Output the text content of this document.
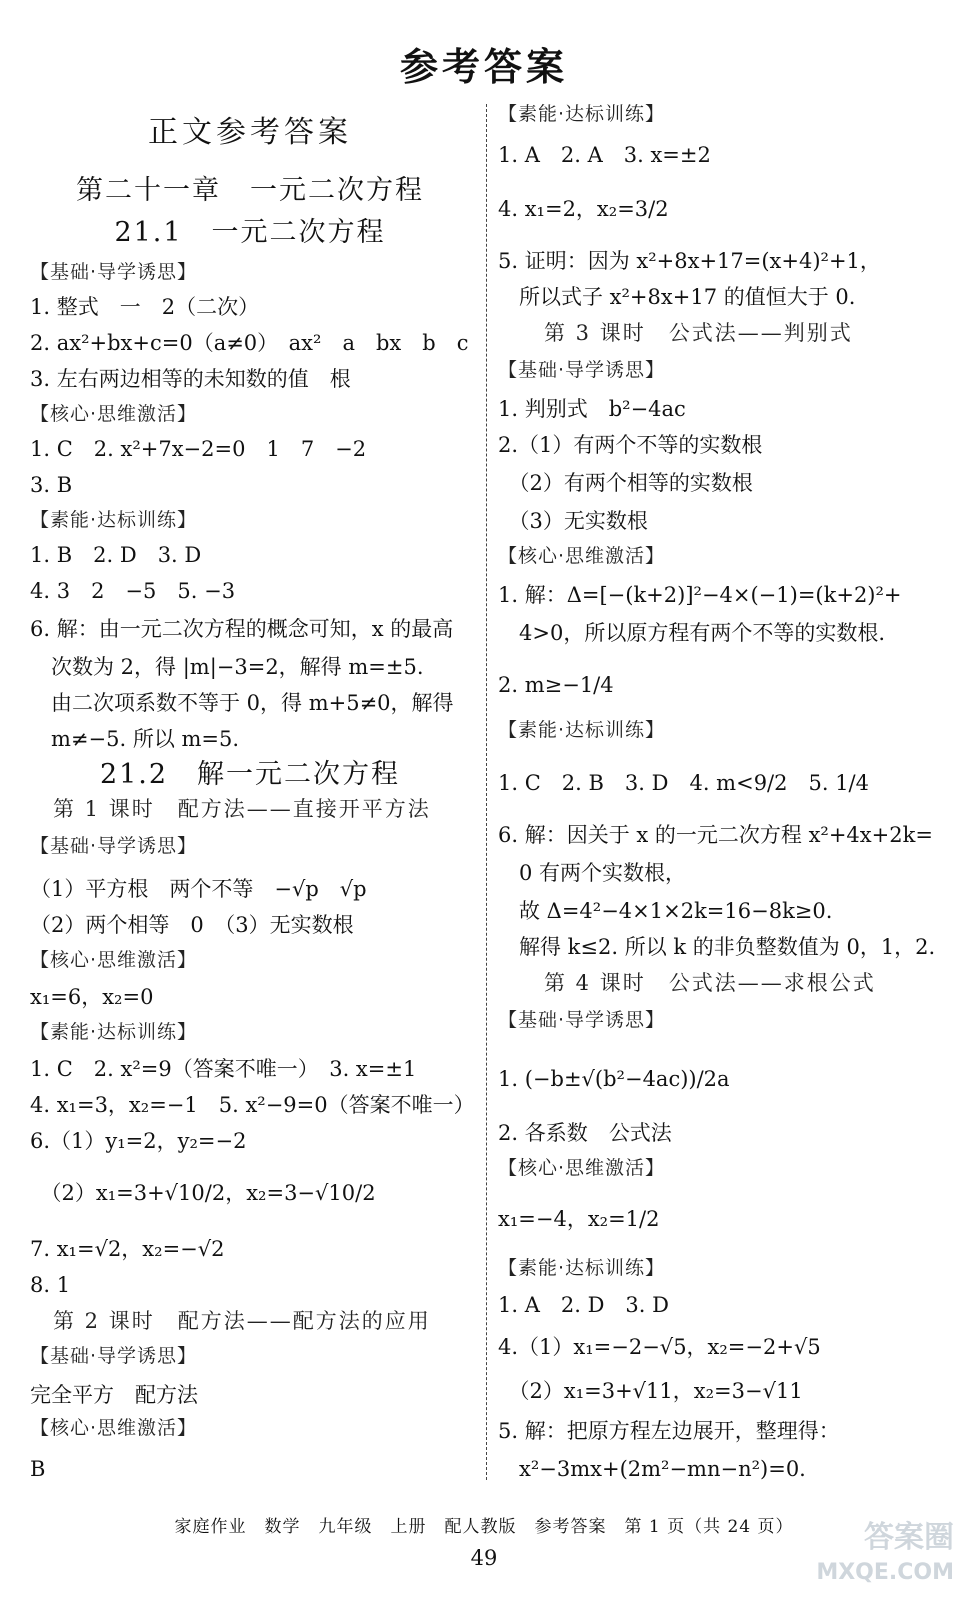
参考答案
正文参考答案
第二十一章　一元二次方程
21.1　一元二次方程
【基础·导学诱思】
1. 整式　一　2（二次）
2. ax²+bx+c=0（a≠0）　ax²　a　bx　b　c
3. 左右两边相等的未知数的值　根
【核心·思维激活】
1. C　2. x²+7x−2=0　1　7　−2
3. B
【素能·达标训练】
1. B　2. D　3. D
4. 3　2　−5　5. −3
6. 解：由一元二次方程的概念可知，x 的最高
　次数为 2，得 |m|−3=2，解得 m=±5.
　由二次项系数不等于 0，得 m+5≠0，解得
　m≠−5. 所以 m=5.
21.2　解一元二次方程
　第 1 课时　配方法——直接开平方法
【基础·导学诱思】
（1）平方根　两个不等　−√p　√p
（2）两个相等　0　（3）无实数根
【核心·思维激活】
x₁=6，x₂=0
【素能·达标训练】
1. C　2. x²=9（答案不唯一）　3. x=±1
4. x₁=3，x₂=−1　5. x²−9=0（答案不唯一）
6.（1）y₁=2，y₂=−2
　（2）x₁=3+√10/2，x₂=3−√10/2
7. x₁=√2，x₂=−√2
8. 1
　第 2 课时　配方法——配方法的应用
【基础·导学诱思】
完全平方　配方法
【核心·思维激活】
B
【素能·达标训练】
1. A　2. A　3. x=±2
4. x₁=2，x₂=3/2
5. 证明：因为 x²+8x+17=(x+4)²+1，
　所以式子 x²+8x+17 的值恒大于 0.
　　第 3 课时　公式法——判别式
【基础·导学诱思】
1. 判别式　b²−4ac
2.（1）有两个不等的实数根
　（2）有两个相等的实数根
　（3）无实数根
【核心·思维激活】
1. 解：Δ=[−(k+2)]²−4×(−1)=(k+2)²+
　4>0，所以原方程有两个不等的实数根.
2. m≥−1/4
【素能·达标训练】
1. C　2. B　3. D　4. m<9/2　5. 1/4
6. 解：因关于 x 的一元二次方程 x²+4x+2k=
　0 有两个实数根，
　故 Δ=4²−4×1×2k=16−8k≥0.
　解得 k≤2. 所以 k 的非负整数值为 0，1，2.
　　第 4 课时　公式法——求根公式
【基础·导学诱思】
1. (−b±√(b²−4ac))/2a
2. 各系数　公式法
【核心·思维激活】
x₁=−4，x₂=1/2
【素能·达标训练】
1. A　2. D　3. D
4.（1）x₁=−2−√5，x₂=−2+√5
　（2）x₁=3+√11，x₂=3−√11
5. 解：把原方程左边展开，整理得：
　x²−3mx+(2m²−mn−n²)=0.
家庭作业　数学　九年级　上册　配人教版　参考答案　第 1 页（共 24 页）
49
答案圈
MXQE.COM
